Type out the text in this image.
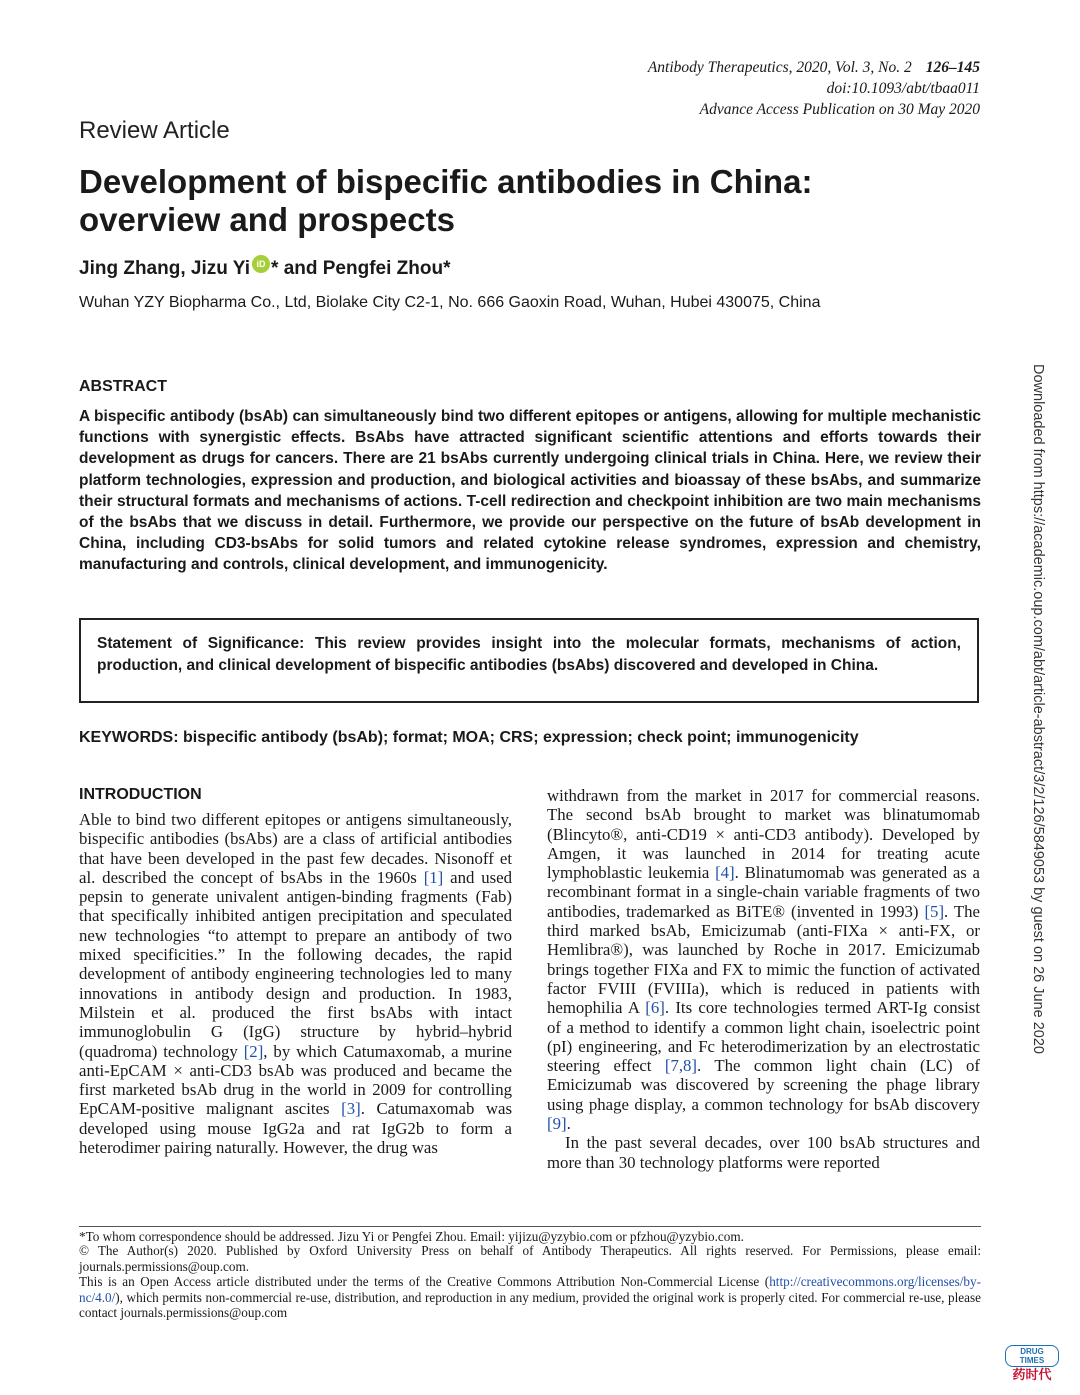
Antibody Therapeutics, 2020, Vol. 3, No. 2 126–145
doi:10.1093/abt/tbaa011
Advance Access Publication on 30 May 2020
Review Article
Development of bispecific antibodies in China:
overview and prospects
Jing Zhang, Jizu Yi iD * and Pengfei Zhou*
Wuhan YZY Biopharma Co., Ltd, Biolake City C2-1, No. 666 Gaoxin Road, Wuhan, Hubei 430075, China
ABSTRACT
A bispecific antibody (bsAb) can simultaneously bind two different epitopes or antigens, allowing for multiple mechanistic functions with synergistic effects. BsAbs have attracted significant scientific attentions and efforts towards their development as drugs for cancers. There are 21 bsAbs currently undergoing clinical trials in China. Here, we review their platform technologies, expression and production, and biological activities and bioassay of these bsAbs, and summarize their structural formats and mechanisms of actions. T-cell redirection and checkpoint inhibition are two main mechanisms of the bsAbs that we discuss in detail. Furthermore, we provide our perspective on the future of bsAb development in China, including CD3-bsAbs for solid tumors and related cytokine release syndromes, expression and chemistry, manufacturing and controls, clinical development, and immunogenicity.
Statement of Significance: This review provides insight into the molecular formats, mechanisms of action, production, and clinical development of bispecific antibodies (bsAbs) discovered and developed in China.
KEYWORDS: bispecific antibody (bsAb); format; MOA; CRS; expression; check point; immunogenicity
INTRODUCTION

Able to bind two different epitopes or antigens simultaneously, bispecific antibodies (bsAbs) are a class of artificial antibodies that have been developed in the past few decades. Nisonoff et al. described the concept of bsAbs in the 1960s [1] and used pepsin to generate univalent antigen-binding fragments (Fab) that specifically inhibited antigen precipitation and speculated new technologies “to attempt to prepare an antibody of two mixed specificities.” In the following decades, the rapid development of antibody engineering technologies led to many innovations in antibody design and production. In 1983, Milstein et al. produced the first bsAbs with intact immunoglobulin G (IgG) structure by hybrid–hybrid (quadroma) technology [2], by which Catumaxomab, a murine anti-EpCAM × anti-CD3 bsAb was produced and became the first marketed bsAb drug in the world in 2009 for controlling EpCAM-positive malignant ascites [3]. Catumaxomab was developed using mouse IgG2a and rat IgG2b to form a heterodimer pairing naturally. However, the drug was

withdrawn from the market in 2017 for commercial reasons. The second bsAb brought to market was blinatumomab (Blincyto®, anti-CD19 × anti-CD3 antibody). Developed by Amgen, it was launched in 2014 for treating acute lymphoblastic leukemia [4]. Blinatumomab was generated as a recombinant format in a single-chain variable fragments of two antibodies, trademarked as BiTE® (invented in 1993) [5]. The third marked bsAb, Emicizumab (anti-FIXa × anti-FX, or Hemlibra®), was launched by Roche in 2017. Emicizumab brings together FIXa and FX to mimic the function of activated factor FVIII (FVIIIa), which is reduced in patients with hemophilia A [6]. Its core technologies termed ART-Ig consist of a method to identify a common light chain, isoelectric point (pI) engineering, and Fc heterodimerization by an electrostatic steering effect [7,8]. The common light chain (LC) of Emicizumab was discovered by screening the phage library using phage display, a common technology for bsAb discovery [9].

In the past several decades, over 100 bsAb structures and more than 30 technology platforms were reported

*To whom correspondence should be addressed. Jizu Yi or Pengfei Zhou. Email: yijizu@yzybio.com or pfzhou@yzybio.com.
© The Author(s) 2020. Published by Oxford University Press on behalf of Antibody Therapeutics. All rights reserved. For Permissions, please email: journals.permissions@oup.com.
This is an Open Access article distributed under the terms of the Creative Commons Attribution Non-Commercial License (http://creativecommons.org/licenses/by-nc/4.0/), which permits non-commercial re-use, distribution, and reproduction in any medium, provided the original work is properly cited. For commercial re-use, please contact journals.permissions@oup.com
Downloaded from https://academic.oup.com/abt/article-abstract/3/2/126/5849053 by guest on 26 June 2020
DRUG TIMES
药时代
